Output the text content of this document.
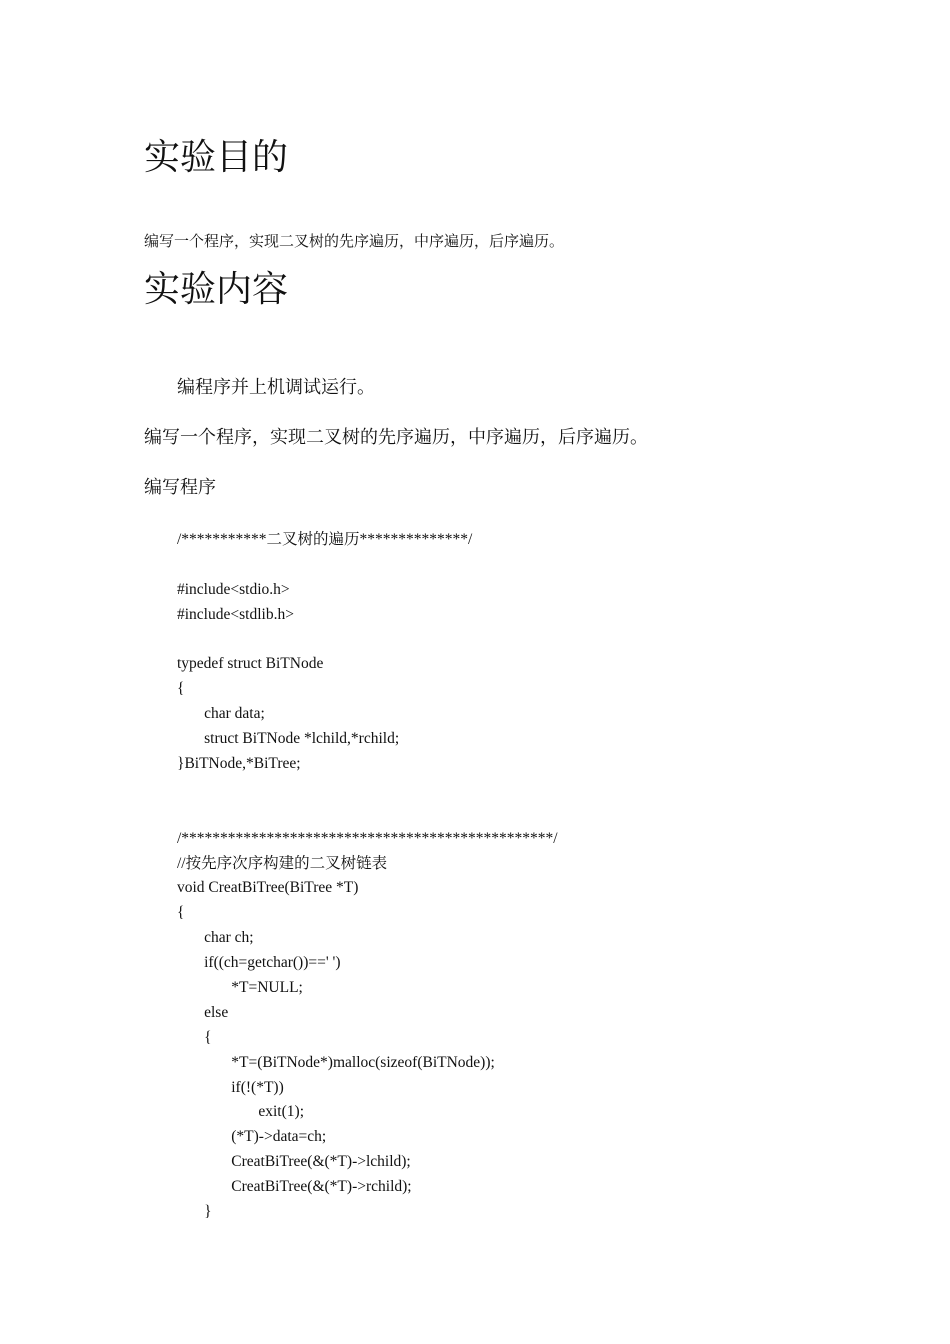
实验目的

编写一个程序，实现二叉树的先序遍历，中序遍历，后序遍历。

实验内容

编程序并上机调试运行。

编写一个程序，实现二叉树的先序遍历，中序遍历，后序遍历。

编写程序

/***********二叉树的遍历**************/
#include<stdio.h>
#include<stdlib.h>
typedef struct BiTNode
{
char data;
struct BiTNode *lchild,*rchild;
}BiTNode,*BiTree;
/************************************************/
//按先序次序构建的二叉树链表
void CreatBiTree(BiTree *T)
{
char ch;
if((ch=getchar())==' ')
*T=NULL;
else
{
*T=(BiTNode*)malloc(sizeof(BiTNode));
if(!(*T))
exit(1);
(*T)->data=ch;
CreatBiTree(&(*T)->lchild);
CreatBiTree(&(*T)->rchild);
}
